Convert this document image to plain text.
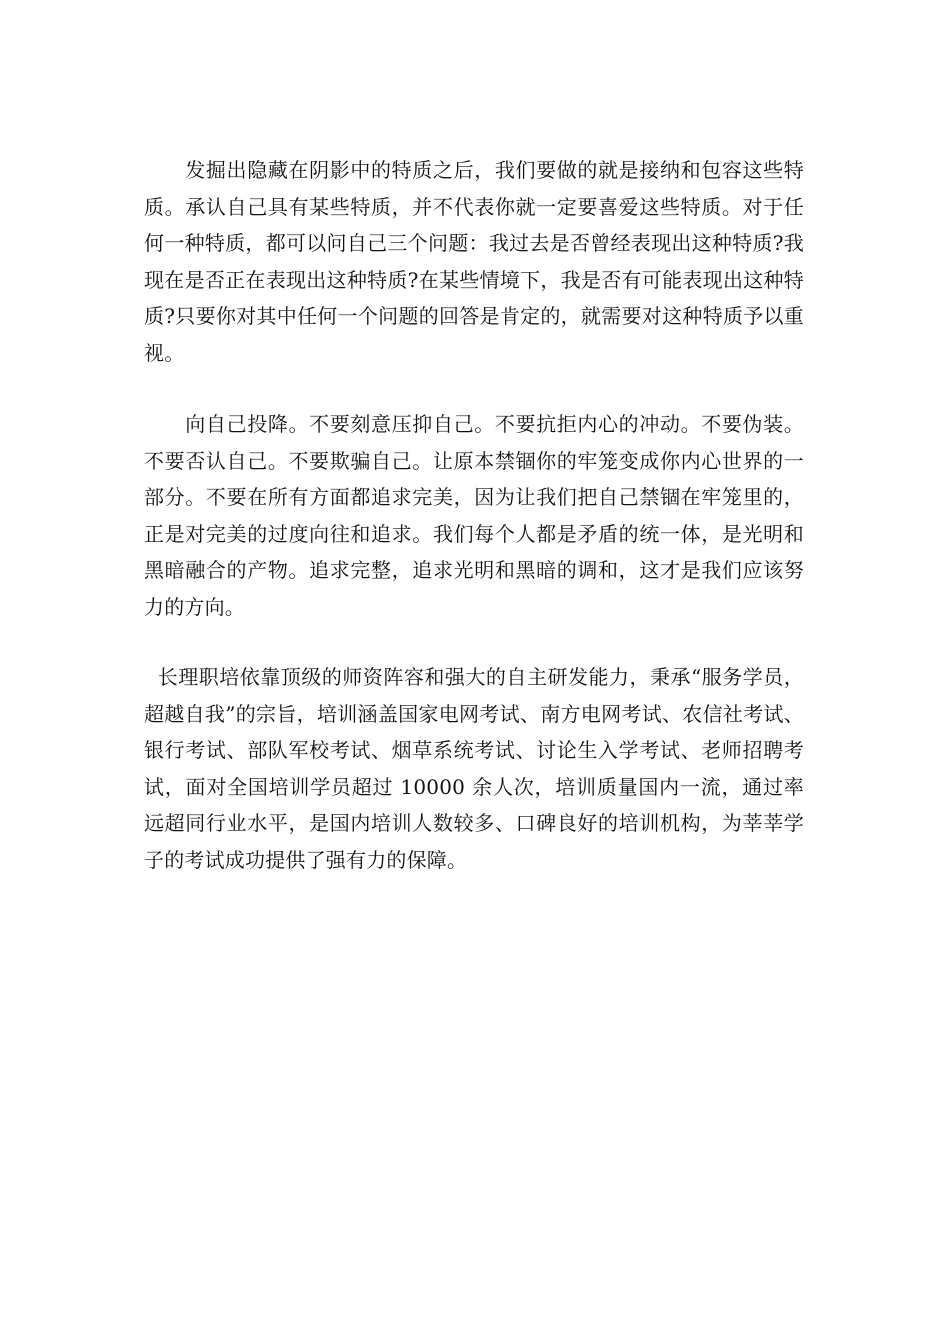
　　发掘出隐藏在阴影中的特质之后，我们要做的就是接纳和包容这些特质。承认自己具有某些特质，并不代表你就一定要喜爱这些特质。对于任何一种特质，都可以问自己三个问题：我过去是否曾经表现出这种特质?我现在是否正在表现出这种特质?在某些情境下，我是否有可能表现出这种特质?只要你对其中任何一个问题的回答是肯定的，就需要对这种特质予以重视。

　　向自己投降。不要刻意压抑自己。不要抗拒内心的冲动。不要伪装。不要否认自己。不要欺骗自己。让原本禁锢你的牢笼变成你内心世界的一部分。不要在所有方面都追求完美，因为让我们把自己禁锢在牢笼里的，正是对完美的过度向往和追求。我们每个人都是矛盾的统一体，是光明和黑暗融合的产物。追求完整，追求光明和黑暗的调和，这才是我们应该努力的方向。

长理职培依靠顶级的师资阵容和强大的自主研发能力，秉承“服务学员，超越自我”的宗旨，培训涵盖国家电网考试、南方电网考试、农信社考试、银行考试、部队军校考试、烟草系统考试、讨论生入学考试、老师招聘考试，面对全国培训学员超过 10000 余人次，培训质量国内一流，通过率远超同行业水平，是国内培训人数较多、口碑良好的培训机构，为莘莘学子的考试成功提供了强有力的保障。
